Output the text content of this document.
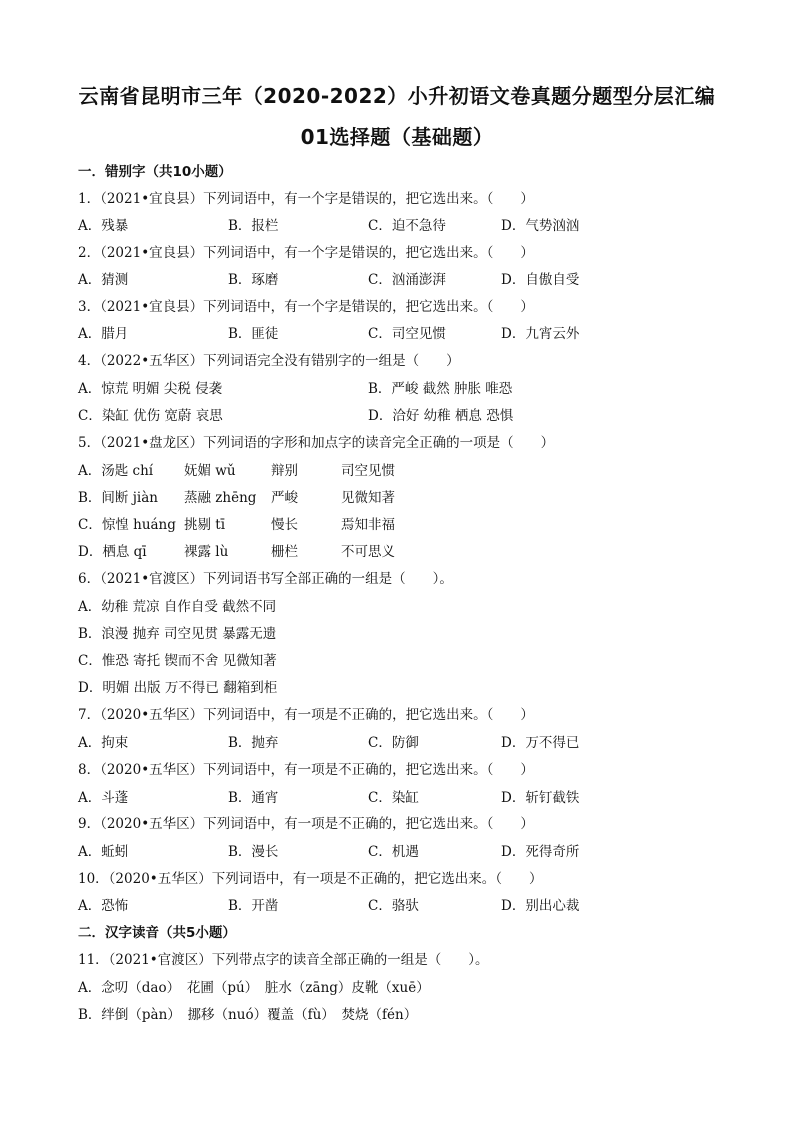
云南省昆明市三年（2020-2022）小升初语文卷真题分题型分层汇编
01选择题（基础题）
一．错别字（共10小题）
1．（2021•宜良县）下列词语中，有一个字是错误的，把它选出来。（　　）
A．残暴	B．报栏	C．迫不急待	D．气势汹汹
2．（2021•宜良县）下列词语中，有一个字是错误的，把它选出来。（　　）
A．猜测	B．琢磨	C．汹涌澎湃	D．自傲自受
3．（2021•宜良县）下列词语中，有一个字是错误的，把它选出来。（　　）
A．腊月	B．匪徒	C．司空见惯	D．九宵云外
4．（2022•五华区）下列词语完全没有错别字的一组是（　　）
A．惊荒 明媚 尖税 侵袭	B．严峻 截然 肿胀 唯恐
C．染缸 优伤 宽蔚 哀思	D．洽好 幼稚 栖息 恐惧
5．（2021•盘龙区）下列词语的字形和加点字的读音完全正确的一项是（　　）
A．汤匙 chí 妩媚 wǔ	辩别	司空见惯
B．间断 jiàn 蒸融 zhēng 严峻	见微知著
C．惊惶 huáng 挑剔 tī	慢长	焉知非福
D．栖息 qī	裸露 lù	栅栏	不可思义
6．（2021•官渡区）下列词语书写全部正确的一组是（　　）。
A．幼稚 荒凉 自作自受 截然不同
B．浪漫 抛弃 司空见贯 暴露无遗
C．惟恐 寄托 锲而不舍 见微知著
D．明媚 出版 万不得已 翻箱到柜
7．（2020•五华区）下列词语中，有一项是不正确的，把它选出来。（　　）
A．拘束	B．抛弃	C．防御	D．万不得已
8．（2020•五华区）下列词语中，有一项是不正确的，把它选出来。（　　）
A．斗蓬	B．通宵	C．染缸	D．斩钉截铁
9．（2020•五华区）下列词语中，有一项是不正确的，把它选出来。（　　）
A．蚯蚓	B．漫长	C．机遇	D．死得奇所
10．（2020•五华区）下列词语中，有一项是不正确的，把它选出来。（　　）
A．恐怖	B．开凿	C．骆驮	D．别出心裁
二．汉字读音（共5小题）
11．（2021•官渡区）下列带点字的读音全部正确的一组是（　　）。
A．念叨（dao）　花圃（pú）　脏水（zāng）皮靴（xuē）
B．绊倒（pàn）　挪移（nuó）覆盖（fù）　焚烧（fén）
